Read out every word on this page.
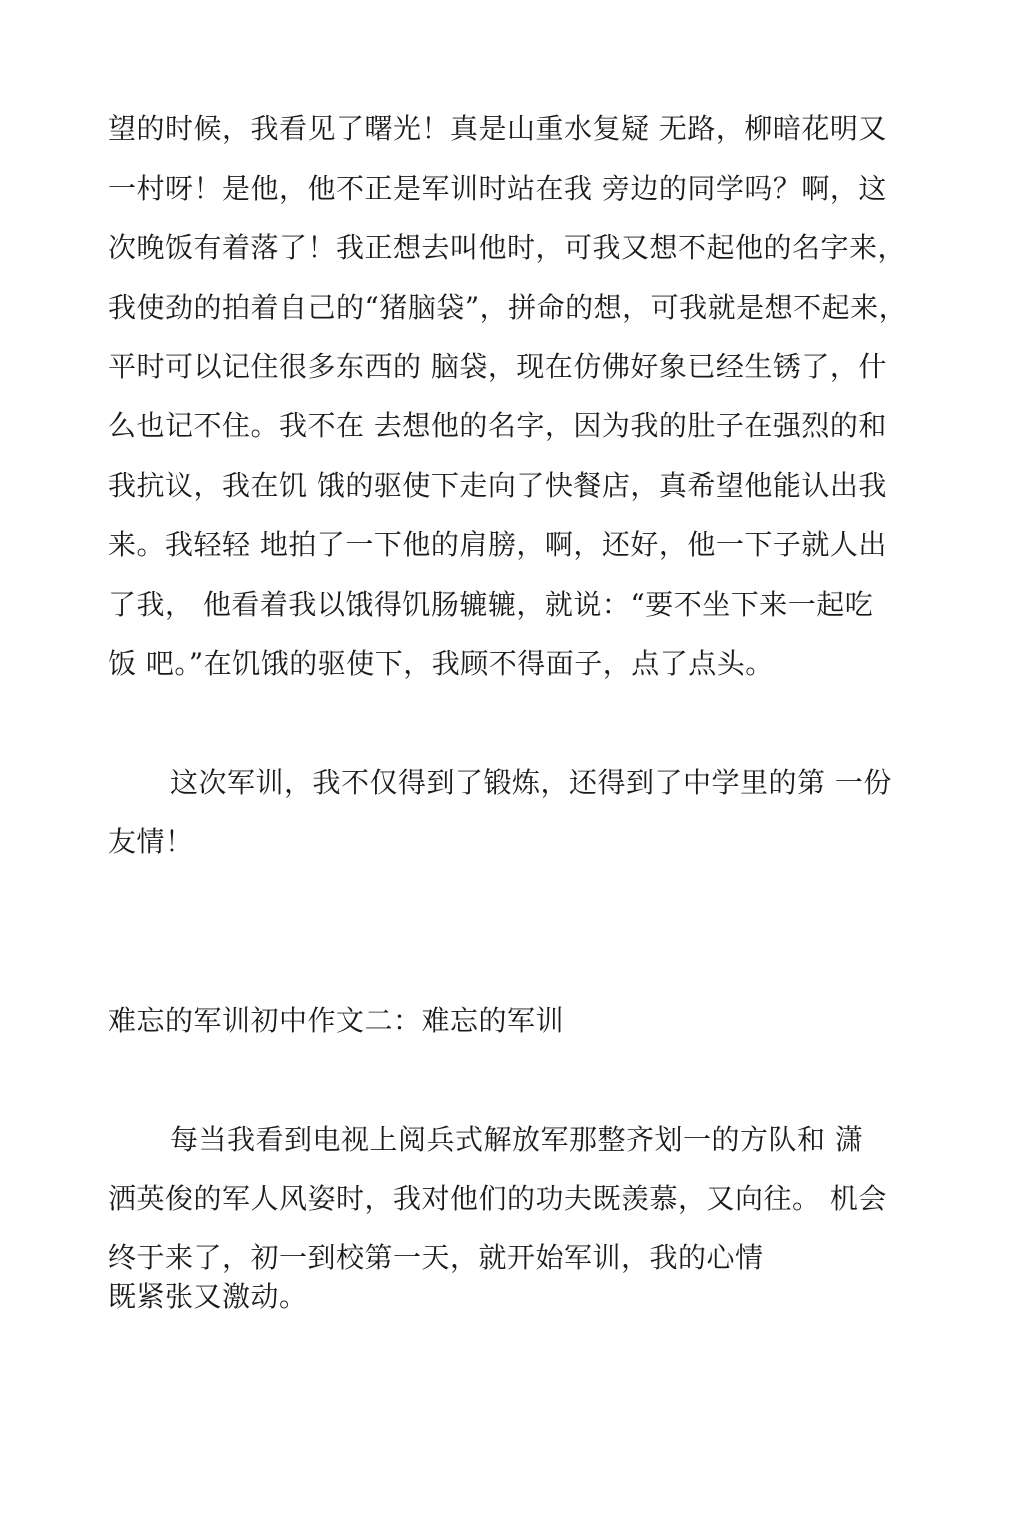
望的时候，我看见了曙光！真是山重水复疑 无路，柳暗花明又
一村呀！是他，他不正是军训时站在我 旁边的同学吗？啊，这
次晚饭有着落了！我正想去叫他时，可我又想不起他的名字来，
我使劲的拍着自己的“猪脑袋”，拼命的想，可我就是想不起来，
平时可以记住很多东西的 脑袋，现在仿佛好象已经生锈了，什
么也记不住。我不在 去想他的名字，因为我的肚子在强烈的和
我抗议，我在饥 饿的驱使下走向了快餐店，真希望他能认出我
来。我轻轻 地拍了一下他的肩膀，啊，还好，他一下子就人出
了我， 他看着我以饿得饥肠辘辘，就说：“要不坐下来一起吃
饭 吧。”在饥饿的驱使下，我顾不得面子，点了点头。
这次军训，我不仅得到了锻炼，还得到了中学里的第 一份
友情！
难忘的军训初中作文二：难忘的军训
每当我看到电视上阅兵式解放军那整齐划一的方队和 潇
洒英俊的军人风姿时，我对他们的功夫既羡慕，又向往。 机会
终于来了，初一到校第一天，就开始军训，我的心情
既紧张又激动。
